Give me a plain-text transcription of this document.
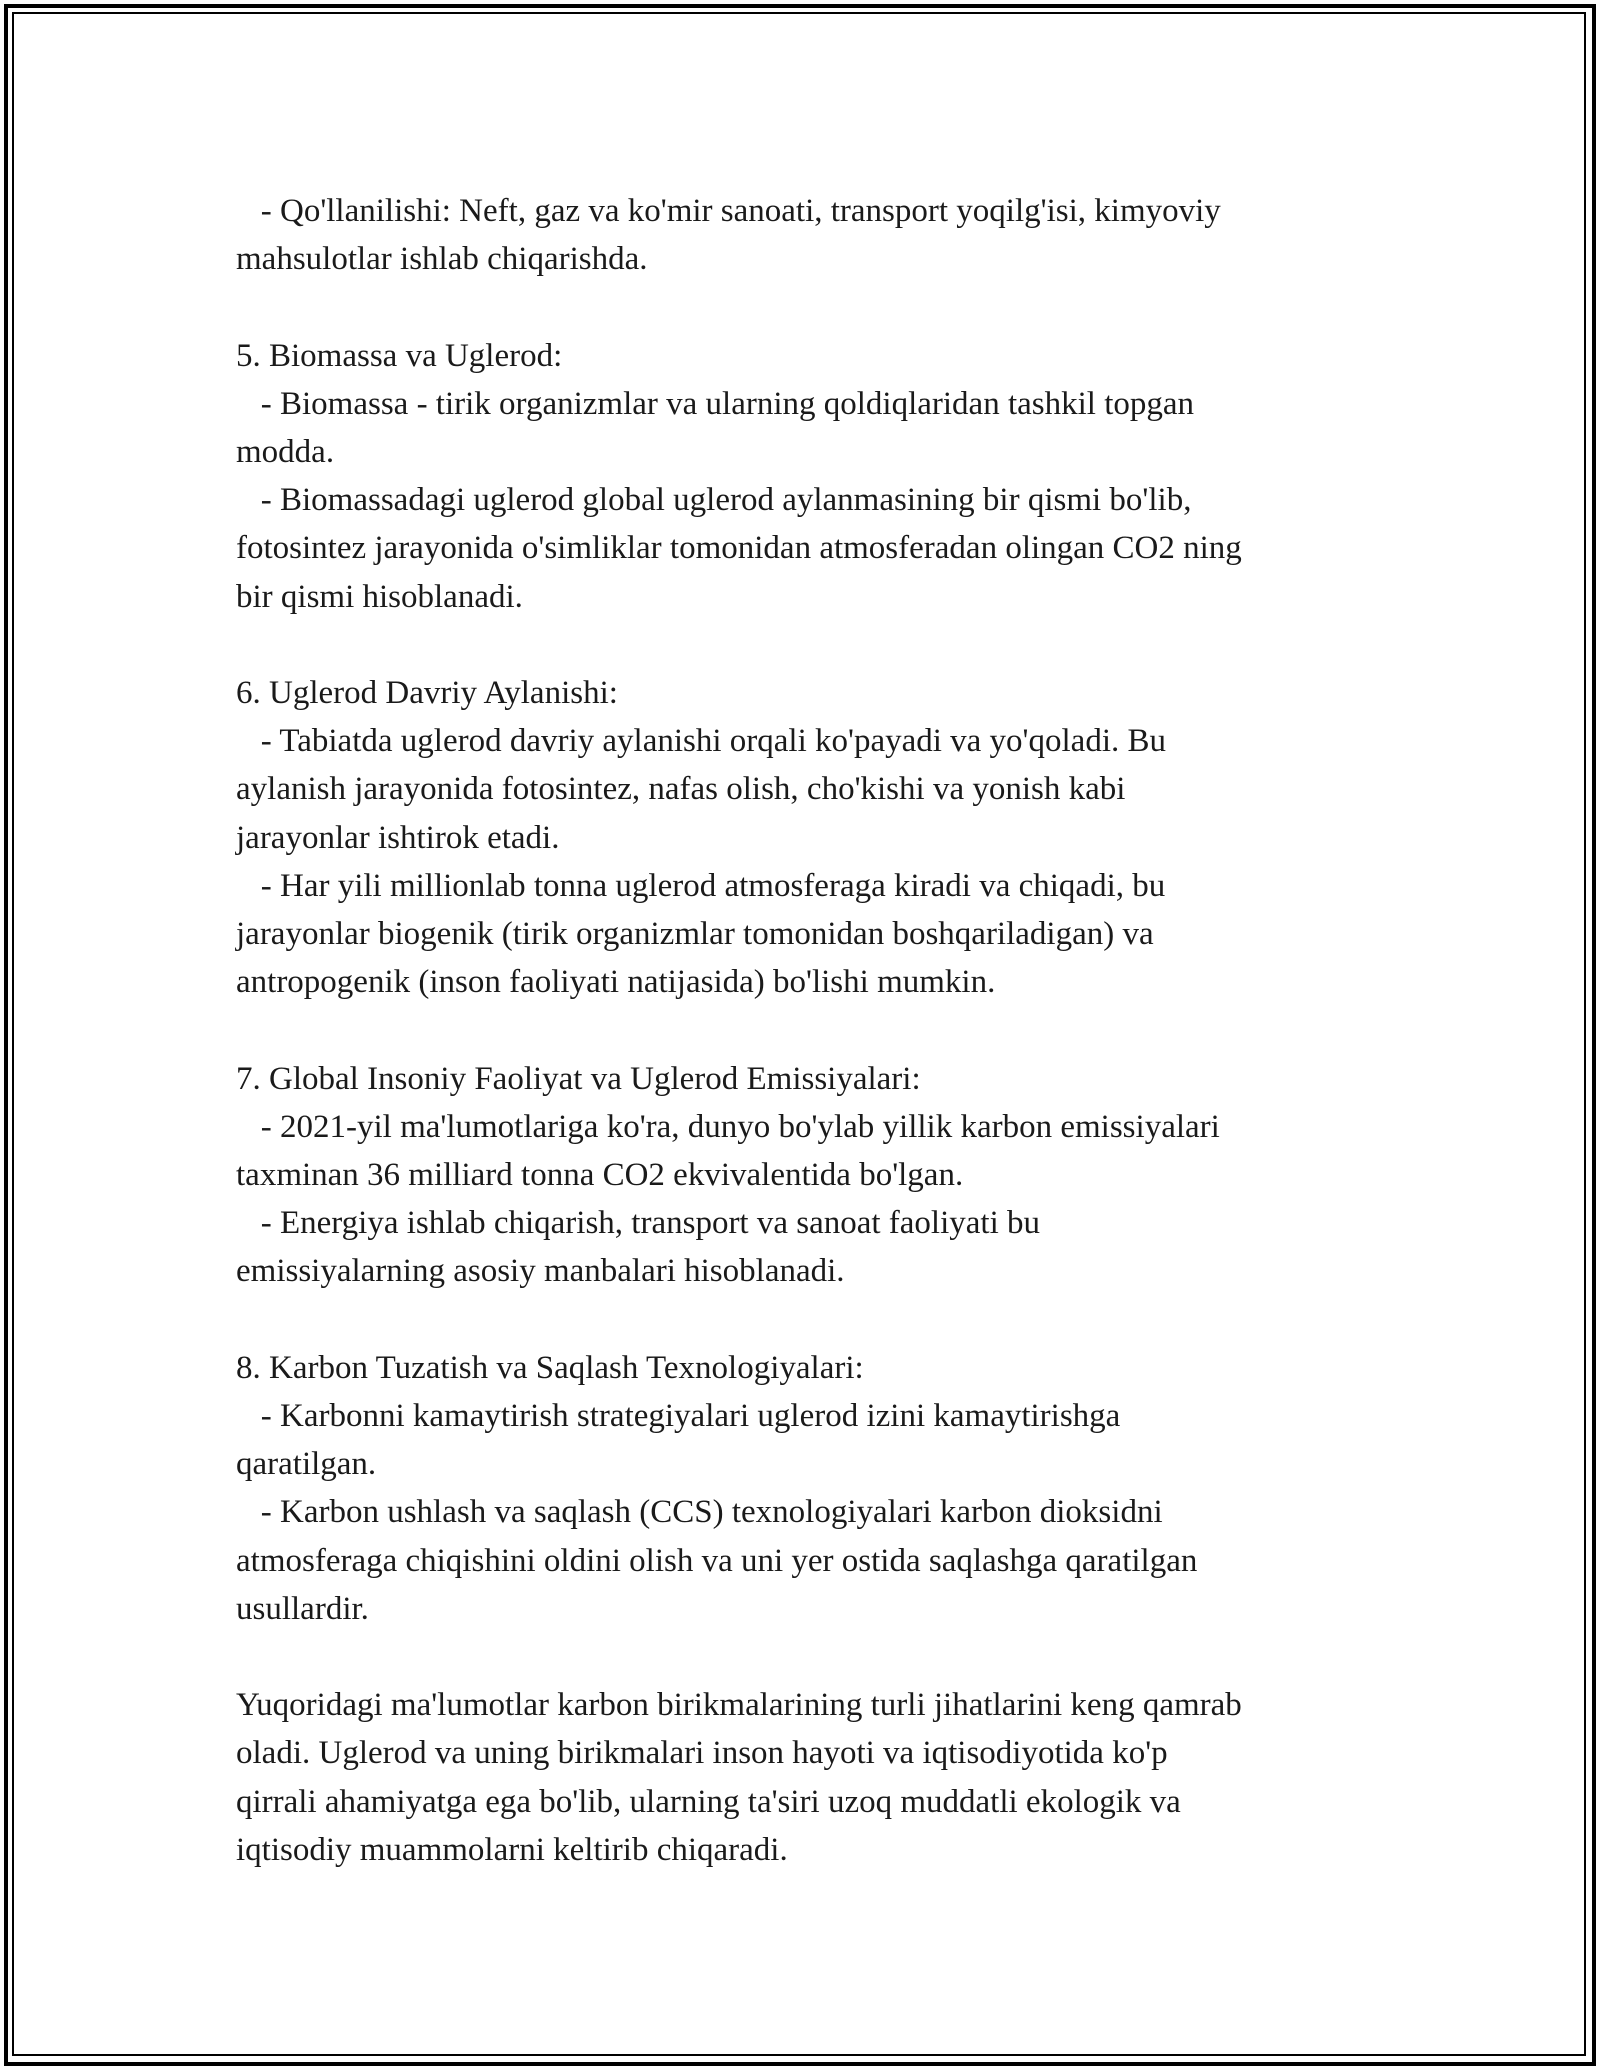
- Qo'llanilishi: Neft, gaz va ko'mir sanoati, transport yoqilg'isi, kimyoviy
mahsulotlar ishlab chiqarishda.
5. Biomassa va Uglerod:
- Biomassa - tirik organizmlar va ularning qoldiqlaridan tashkil topgan
modda.
- Biomassadagi uglerod global uglerod aylanmasining bir qismi bo'lib,
fotosintez jarayonida o'simliklar tomonidan atmosferadan olingan CO2 ning
bir qismi hisoblanadi.
6. Uglerod Davriy Aylanishi:
- Tabiatda uglerod davriy aylanishi orqali ko'payadi va yo'qoladi. Bu
aylanish jarayonida fotosintez, nafas olish, cho'kishi va yonish kabi
jarayonlar ishtirok etadi.
- Har yili millionlab tonna uglerod atmosferaga kiradi va chiqadi, bu
jarayonlar biogenik (tirik organizmlar tomonidan boshqariladigan) va
antropogenik (inson faoliyati natijasida) bo'lishi mumkin.
7. Global Insoniy Faoliyat va Uglerod Emissiyalari:
- 2021-yil ma'lumotlariga ko'ra, dunyo bo'ylab yillik karbon emissiyalari
taxminan 36 milliard tonna CO2 ekvivalentida bo'lgan.
- Energiya ishlab chiqarish, transport va sanoat faoliyati bu
emissiyalarning asosiy manbalari hisoblanadi.
8. Karbon Tuzatish va Saqlash Texnologiyalari:
- Karbonni kamaytirish strategiyalari uglerod izini kamaytirishga
qaratilgan.
- Karbon ushlash va saqlash (CCS) texnologiyalari karbon dioksidni
atmosferaga chiqishini oldini olish va uni yer ostida saqlashga qaratilgan
usullardir.
Yuqoridagi ma'lumotlar karbon birikmalarining turli jihatlarini keng qamrab
oladi. Uglerod va uning birikmalari inson hayoti va iqtisodiyotida ko'p
qirrali ahamiyatga ega bo'lib, ularning ta'siri uzoq muddatli ekologik va
iqtisodiy muammolarni keltirib chiqaradi.
